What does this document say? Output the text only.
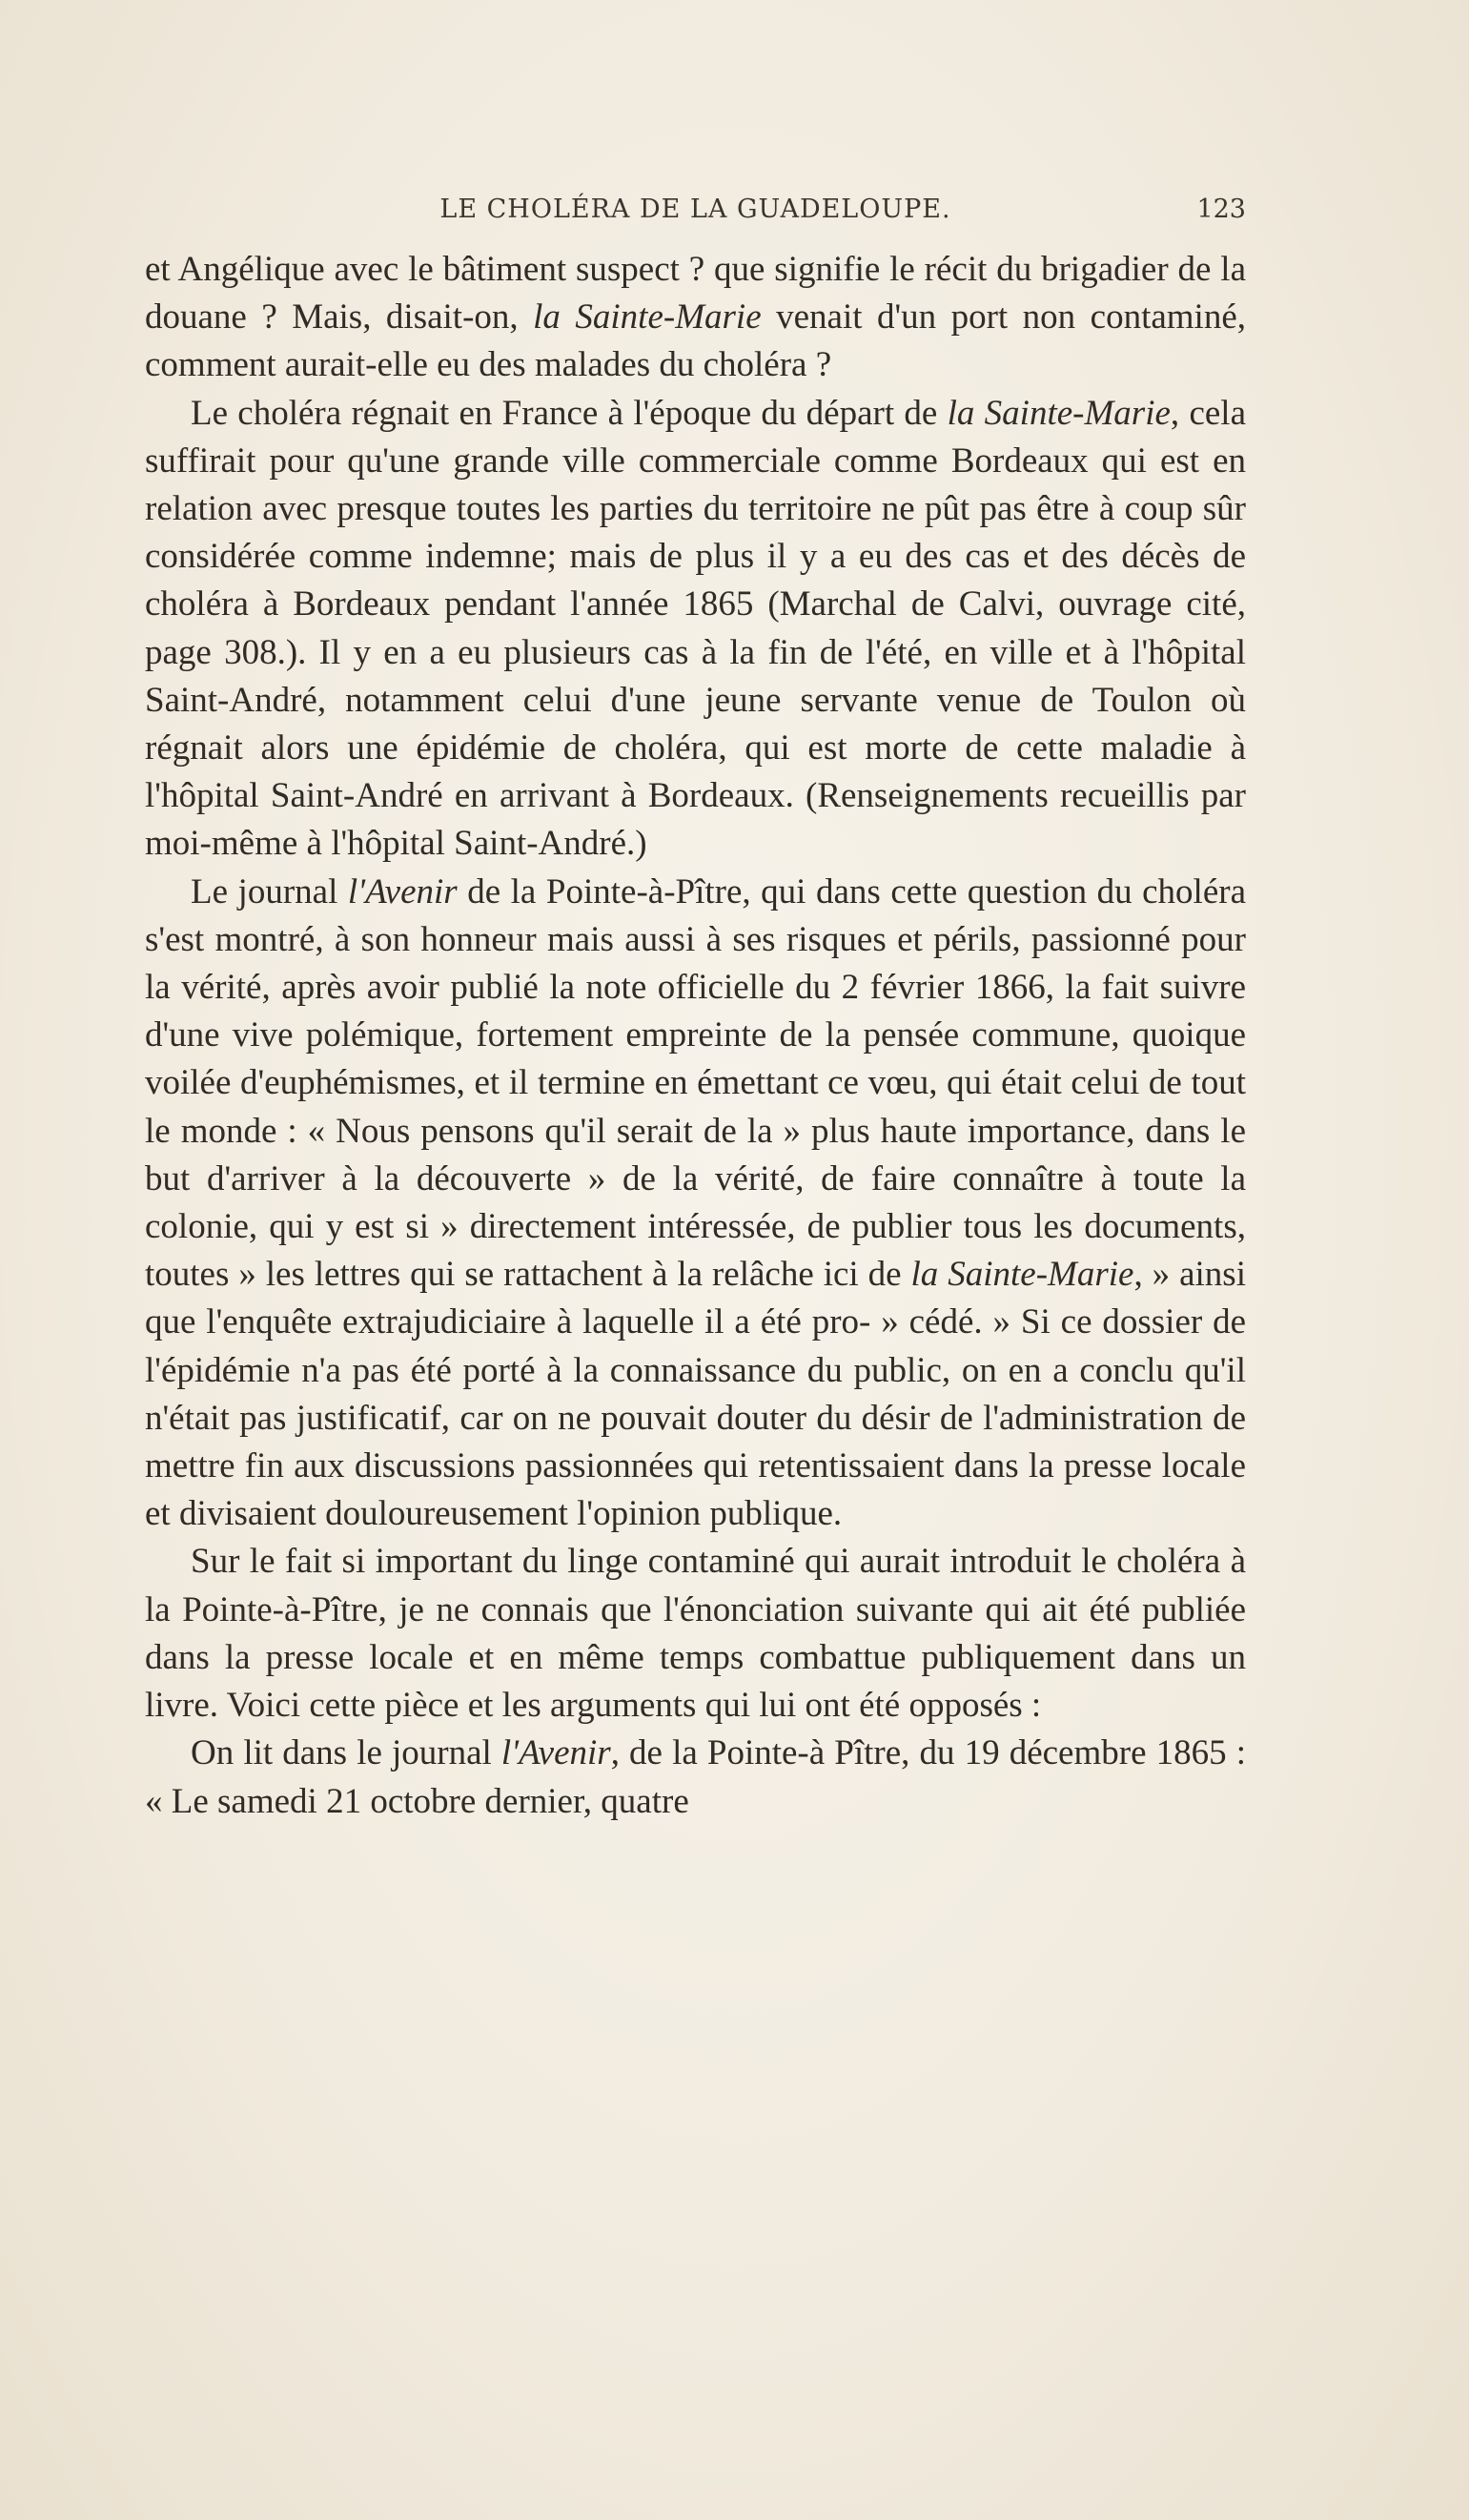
LE CHOLÉRA DE LA GUADELOUPE.	123

et Angélique avec le bâtiment suspect ? que signifie le récit du brigadier de la douane ? Mais, disait-on, la Sainte-Marie venait d'un port non contaminé, comment aurait-elle eu des malades du choléra ?

Le choléra régnait en France à l'époque du départ de la Sainte-Marie, cela suffirait pour qu'une grande ville commerciale comme Bordeaux qui est en relation avec presque toutes les parties du territoire ne pût pas être à coup sûr considérée comme indemne; mais de plus il y a eu des cas et des décès de choléra à Bordeaux pendant l'année 1865 (Marchal de Calvi, ouvrage cité, page 308.). Il y en a eu plusieurs cas à la fin de l'été, en ville et à l'hôpital Saint-André, notamment celui d'une jeune servante venue de Toulon où régnait alors une épidémie de choléra, qui est morte de cette maladie à l'hôpital Saint-André en arrivant à Bordeaux. (Renseignements recueillis par moi-même à l'hôpital Saint-André.)

Le journal l'Avenir de la Pointe-à-Pître, qui dans cette question du choléra s'est montré, à son honneur mais aussi à ses risques et périls, passionné pour la vérité, après avoir publié la note officielle du 2 février 1866, la fait suivre d'une vive polémique, fortement empreinte de la pensée commune, quoique voilée d'euphémismes, et il termine en émettant ce vœu, qui était celui de tout le monde : « Nous pensons qu'il serait de la » plus haute importance, dans le but d'arriver à la découverte » de la vérité, de faire connaître à toute la colonie, qui y est si » directement intéressée, de publier tous les documents, toutes » les lettres qui se rattachent à la relâche ici de la Sainte-Marie, » ainsi que l'enquête extrajudiciaire à laquelle il a été pro- » cédé. » Si ce dossier de l'épidémie n'a pas été porté à la connaissance du public, on en a conclu qu'il n'était pas justificatif, car on ne pouvait douter du désir de l'administration de mettre fin aux discussions passionnées qui retentissaient dans la presse locale et divisaient douloureusement l'opinion publique.

Sur le fait si important du linge contaminé qui aurait introduit le choléra à la Pointe-à-Pître, je ne connais que l'énonciation suivante qui ait été publiée dans la presse locale et en même temps combattue publiquement dans un livre. Voici cette pièce et les arguments qui lui ont été opposés :

On lit dans le journal l'Avenir, de la Pointe-à Pître, du 19 décembre 1865 : « Le samedi 21 octobre dernier, quatre
